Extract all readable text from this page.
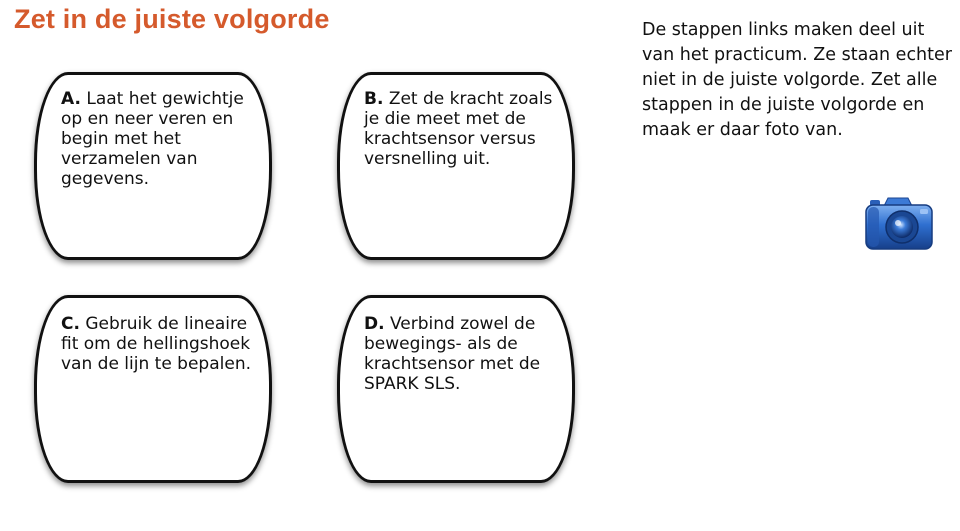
Zet in de juiste volgorde
A. Laat het gewichtje op en neer veren en begin met het verzamelen van gegevens.
B. Zet de kracht zoals je die meet met de krachtsensor versus versnelling uit.
C. Gebruik de lineaire fit om de hellingshoek van de lijn te bepalen.
D. Verbind zowel de bewegings- als de krachtsensor met de SPARK SLS.
De stappen links maken deel uit van het practicum. Ze staan echter niet in de juiste volgorde. Zet alle stappen in de juiste volgorde en maak er daar foto van.
